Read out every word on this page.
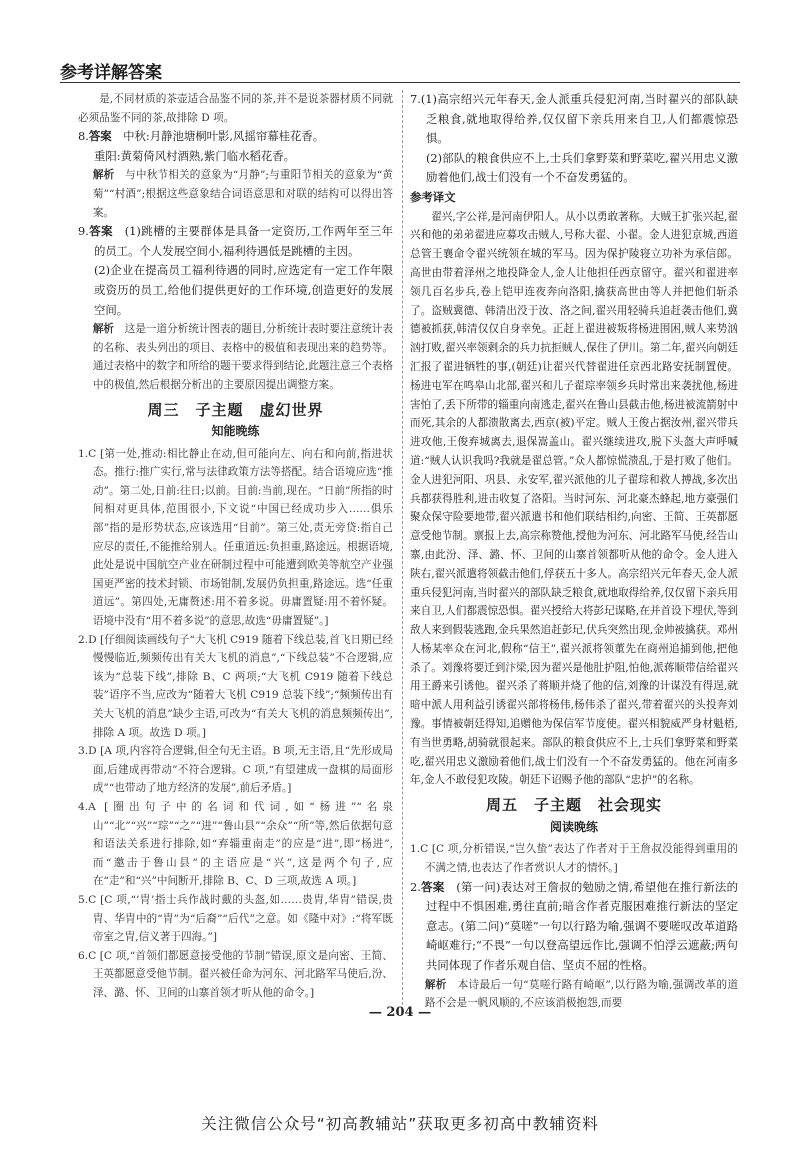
参考详解答案

是,不同材质的茶壶适合品鉴不同的茶,并不是说茶器材质不同就必须品鉴不同的茶,故排除 D 项。

8.答案　 中秋:月静池塘桐叶影,风摇帘幕桂花香。

重阳:黄菊倚风村酒熟,紫门临水稻花香。

解析　 与中秋节相关的意象为“月静”;与重阳节相关的意象为“黄菊”“村酒”;根据这些意象结合词语意思和对联的结构可以得出答案。

9.答案　 (1)跳槽的主要群体是具备一定资历,工作两年至三年的员工。个人发展空间小,福利待遇低是跳槽的主因。

(2)企业在提高员工福利待遇的同时,应选定有一定工作年限或资历的员工,给他们提供更好的工作环境,创造更好的发展空间。

解析　 这是一道分析统计图表的题目,分析统计表时要注意统计表的名称、表头列出的项目、表格中的极值和表现出来的趋势等。通过表格中的数字和所给的题干要求得到结论,此题注意三个表格中的极值,然后根据分析出的主要原因提出调整方案。

周三　子主题　虚幻世界
知能晚练

1.C [第一处,推动:相比静止在动,但可能向左、向右和向前,指进状态。推行:推广实行,常与法律政策方法等搭配。结合语境应选“推动”。第二处,日前:往日;以前。目前:当前,现在。“日前”所指的时间相对更具体,范围很小,下文说“中国已经成功步入……俱乐部”指的是形势状态,应该选用“目前”。第三处,责无旁贷:指自己应尽的责任,不能推给别人。任重道远:负担重,路途远。根据语境,此处是说中国航空产业在研制过程中可能遭到欧美等航空产业强国更严密的技术封锁、市场钳制,发展仍负担重,路途远。选“任重道远”。第四处,无庸赘述:用不着多说。毋庸置疑:用不着怀疑。语境中没有“用不着多说”的意思,故选“毋庸置疑”。]

2.D [仔细阅读画线句子“大飞机 C919 随着下线总装,首飞日期已经慢慢临近,频频传出有关大飞机的消息”,“下线总装”不合逻辑,应该为“总装下线”,排除 B、C 两项;“大飞机 C919 随着下线总装”语序不当,应改为“随着大飞机 C919 总装下线”;“频频传出有关大飞机的消息”缺少主语,可改为“有关大飞机的消息频频传出”,排除 A 项。故选 D 项。]

3.D [A 项,内容符合逻辑,但全句无主语。B 项,无主语,且“先形成局面,后建成再带动”不符合逻辑。C 项,“有望建成一盘棋的局面形成”“也带动了地方经济的发展”,前后矛盾。]

4.A [圈出句子中的名词和代词,如“杨进”“名泉山”“北”“兴”“琮”“之”“进”“鲁山县”“余众”“所”等,然后依据句意和语法关系进行排除,如“弃辎重南走”的应是“进”,即“杨进”,而“邀击于鲁山县”的主语应是“兴”,这是两个句子,应在“走”和“兴”中间断开,排除 B、C、D 三项,故选 A 项。]

5.C [C 项,“‘胄’指士兵作战时戴的头盔,如……贵胄,华胄”错误,贵胄、华胄中的“胄”为“后裔”“后代”之意。如《隆中对》:“将军既帝室之胄,信义著于四海。”]

6.C [C 项,“首领们都愿意接受他的节制”错误,原文是向密、王简、王英都愿意受他节制。翟兴被任命为河东、河北路军马使后,汾、泽、潞、怀、卫间的山寨首领才听从他的命令。]

7.(1)高宗绍兴元年春天,金人派重兵侵犯河南,当时翟兴的部队缺乏粮食,就地取得给养,仅仅留下亲兵用来自卫,人们都震惊恐惧。

(2)部队的粮食供应不上,士兵们拿野菜和野菜吃,翟兴用忠义激励着他们,战士们没有一个不奋发勇猛的。

参考译文

翟兴,字公祥,是河南伊阳人。从小以勇敢著称。大贼王扩张兴起,翟兴和他的弟弟翟进应募攻击贼人,号称大翟、小翟。金人进犯京城,西道总管王襄命令翟兴统领在城的军马。因为保护陵寝立功补为承信郎。高世由带着泽州之地投降金人,金人让他担任西京留守。翟兴和翟进率领几百名步兵,卷上铠甲连夜奔向洛阳,擒获高世由等人并把他们斩杀了。盗贼冀德、韩清出没于汝、洛之间,翟兴用轻骑兵追赶袭击他们,冀德被抓获,韩清仅仅自身幸免。正赶上翟进被叛将杨进围困,贼人来势汹汹打败,翟兴率领剩余的兵力抗拒贼人,保住了伊川。第二年,翟兴向朝廷汇报了翟进牺牲的事,(朝廷)让翟兴代替翟进任京西北路安抚制置使。杨进屯军在鸣皋山北部,翟兴和儿子翟琮率领乡兵时常出来袭扰他,杨进害怕了,丢下所带的辎重向南逃走,翟兴在鲁山县截击他,杨进被流箭射中而死,其余的人都溃散离去,西京(被)平定。贼人王俊占据汝州,翟兴带兵进攻他,王俊弃城离去,退保嵩盖山。翟兴继续进攻,脱下头盔大声呼喊道:“贼人认识我吗?我就是翟总管。”众人都惊慌溃乱,于是打败了他们。金人进犯河阳、巩县、永安军,翟兴派他的儿子翟琮和救人搏战,多次出兵都获得胜利,进击收复了洛阳。当时河东、河北豪杰蜂起,地方豪强们聚众保守险要地带,翟兴派遣书和他们联结相约,向密、王简、王英都愿意受他节制。禀报上去,高宗称赞他,授他为河东、河北路军马使,经告山寨,由此汾、泽、潞、怀、卫间的山寨首领都听从他的命令。金人进入陕右,翟兴派遣将领截击他们,俘获五十多人。高宗绍兴元年春天,金人派重兵侵犯河南,当时翟兴的部队缺乏粮食,就地取得给养,仅仅留下亲兵用来自卫,人们都震惊恐惧。翟兴授给大将彭玘谋略,在并首设下埋伏,等到敌人来到假装逃跑,金兵果然追赶彭玘,伏兵突然出现,金帅被擒获。邓州人杨某率众在河北,假称“信王”,翟兴派将领董先在商州追捕到他,把他杀了。刘豫将要迁到汴梁,因为翟兴是他肚护阻,怕他,派蒋顺带信给翟兴用王爵来引诱他。翟兴杀了蒋顺并烧了他的信,刘豫的计谋没有得逞,就暗中派人用利益引诱翟兴部将杨伟,杨伟杀了翟兴,带着翟兴的头投奔刘豫。事情被朝廷得知,追赠他为保信军节度使。翟兴相貌威严身材魁梧,有当世勇略,胡骑就很起来。部队的粮食供应不上,士兵们拿野菜和野菜吃,翟兴用忠义激励着他们,战士们没有一个不奋发勇猛的。他在河南多年,金人不敢侵犯攻陵。朝廷下诏赐予他的部队“忠护”的名称。

周五　子主题　社会现实
阅读晚练

1.C [C 项,分析错误,“岂久蛰”表达了作者对于王詹叔没能得到重用的不满之情,也表达了作者赏识人才的情怀。]

2.答案　 (第一问)表达对王詹叔的勉励之情,希望他在推行新法的过程中不惧困难,勇往直前;暗含作者克服困难推行新法的坚定意志。(第二问)“莫嗟”一句以行路为喻,强调不要嗟叹改革道路崎岖难行;“不畏”一句以登高望远作比,强调不怕浮云遮蔽;两句共同体现了作者乐观自信、坚贞不屈的性格。

解析　 本诗最后一句“莫嗟行路有崎岖”,以行路为喻,强调改革的道路不会是一帆风顺的,不应该消极抱怨,而要

— 204 —
关注微信公众号“初高教辅站”获取更多初高中教辅资料
